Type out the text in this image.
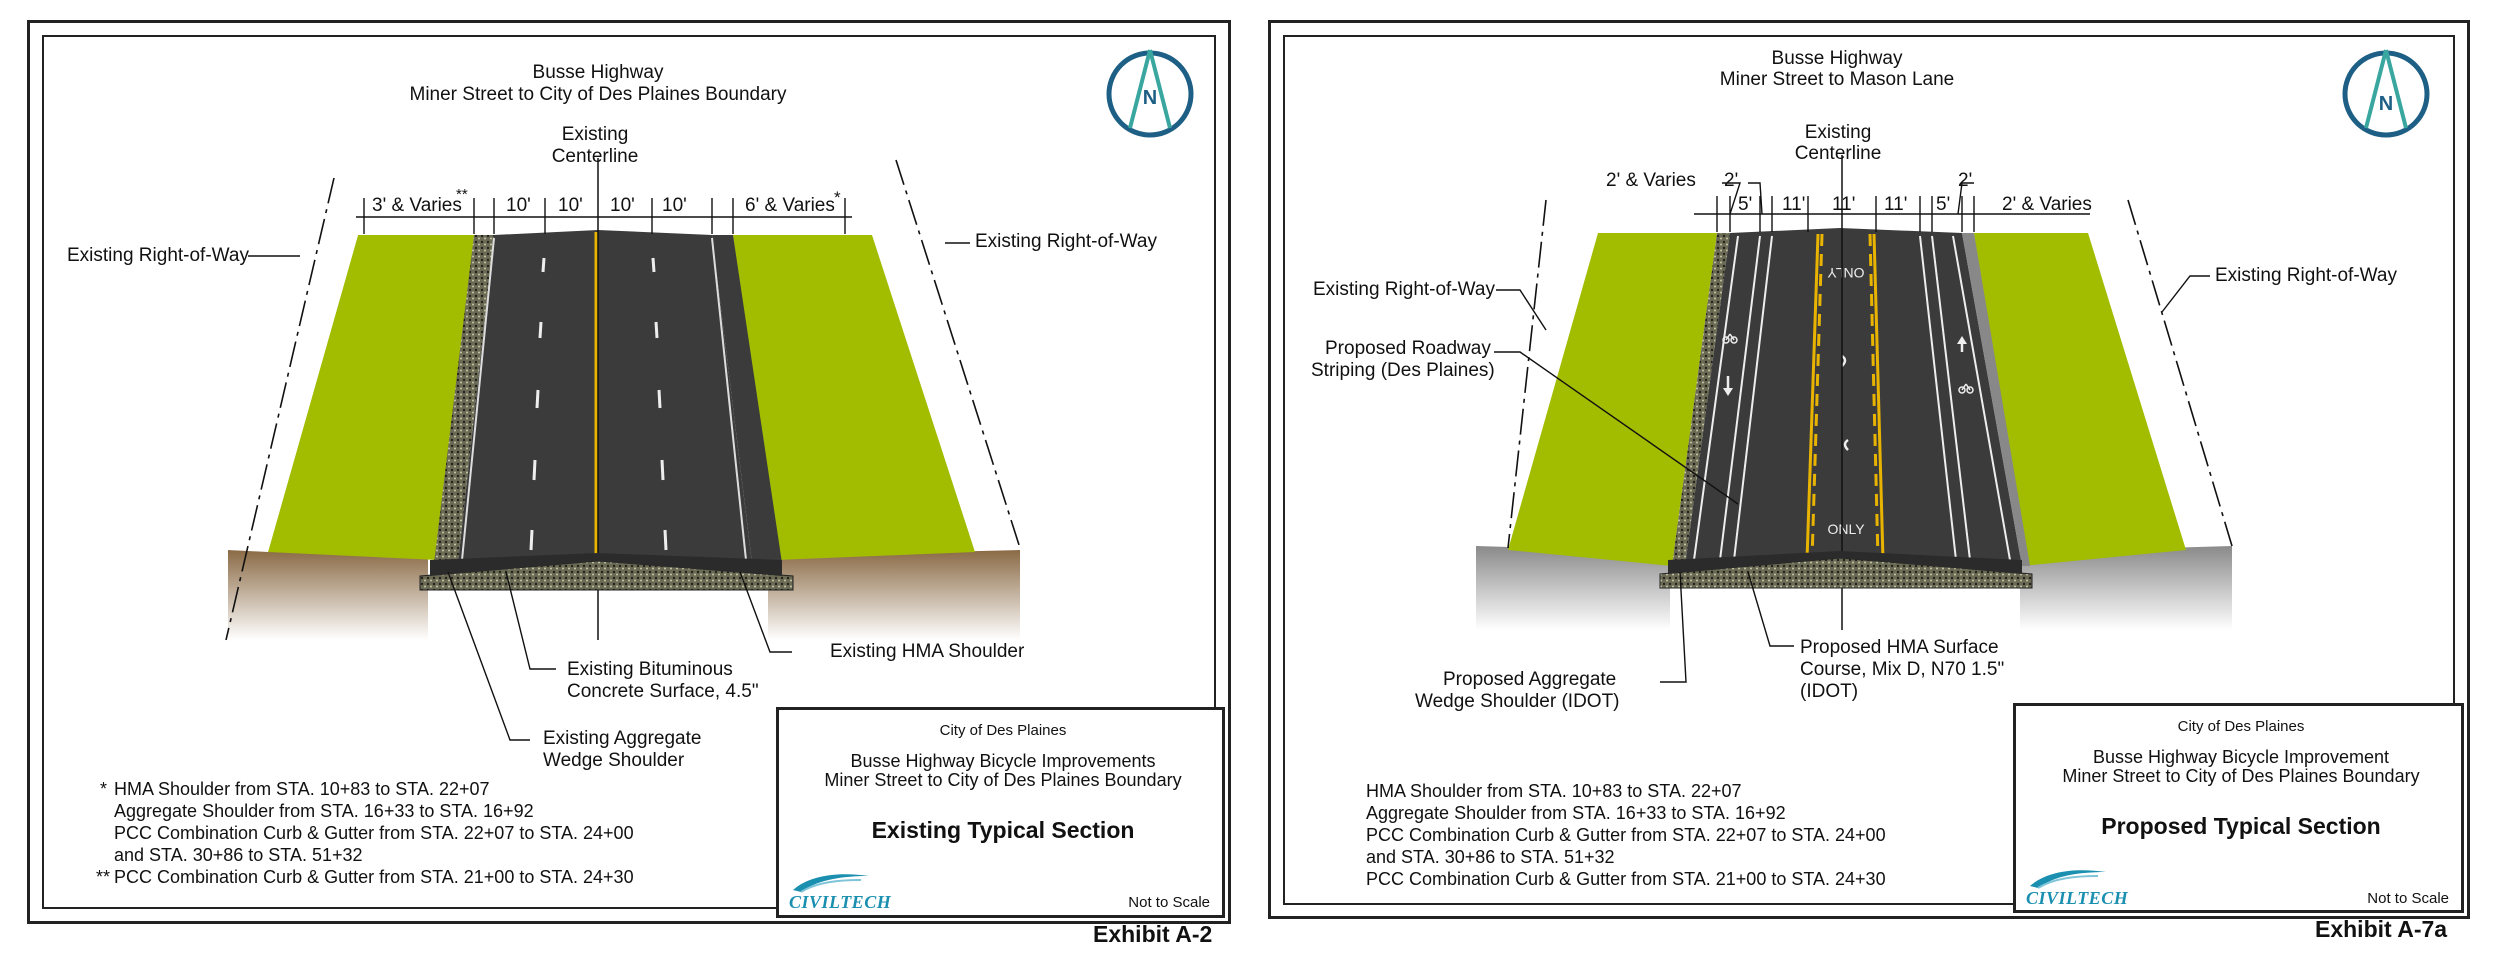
Busse Highway
Miner Street to City of Des Plaines Boundary
Existing
Centerline
3' & Varies
**
10' 10' 10' 10'	6' & Varies *
Existing Right-of-Way
Existing Right-of-Way
Existing Bituminous
Concrete Surface, 4.5"
Existing HMA Shoulder
Existing Aggregate
Wedge Shoulder
* HMA Shoulder from STA. 10+83 to STA. 22+07
Aggregate Shoulder from STA. 16+33 to STA. 16+92
PCC Combination Curb & Gutter from STA. 22+07 to STA. 24+00
and STA. 30+86 to STA. 51+32
** PCC Combination Curb & Gutter from STA. 21+00 to STA. 24+30
City of Des Plaines
Busse Highway Bicycle Improvements
Miner Street to City of Des Plaines Boundary
Existing Typical Section
Not to Scale
CIVILTECH
Exhibit A-2
N
ONLY
ONLY
Busse Highway
Miner Street to Mason Lane
Existing
Centerline
2' & Varies 2'
5' 11' 11' 11' 5'
2'
2' & Varies
Existing Right-of-Way
Existing Right-of-Way
Proposed Roadway
Striping (Des Plaines)
Proposed Aggregate
Wedge Shoulder (IDOT)
Proposed HMA Surface
Course, Mix D, N70 1.5"
(IDOT)
HMA Shoulder from STA. 10+83 to STA. 22+07
Aggregate Shoulder from STA. 16+33 to STA. 16+92
PCC Combination Curb & Gutter from STA. 22+07 to STA. 24+00
and STA. 30+86 to STA. 51+32
PCC Combination Curb & Gutter from STA. 21+00 to STA. 24+30
City of Des Plaines
Busse Highway Bicycle Improvement
Miner Street to City of Des Plaines Boundary
Proposed Typical Section
Not to Scale
CIVILTECH
Exhibit A-7a
N
